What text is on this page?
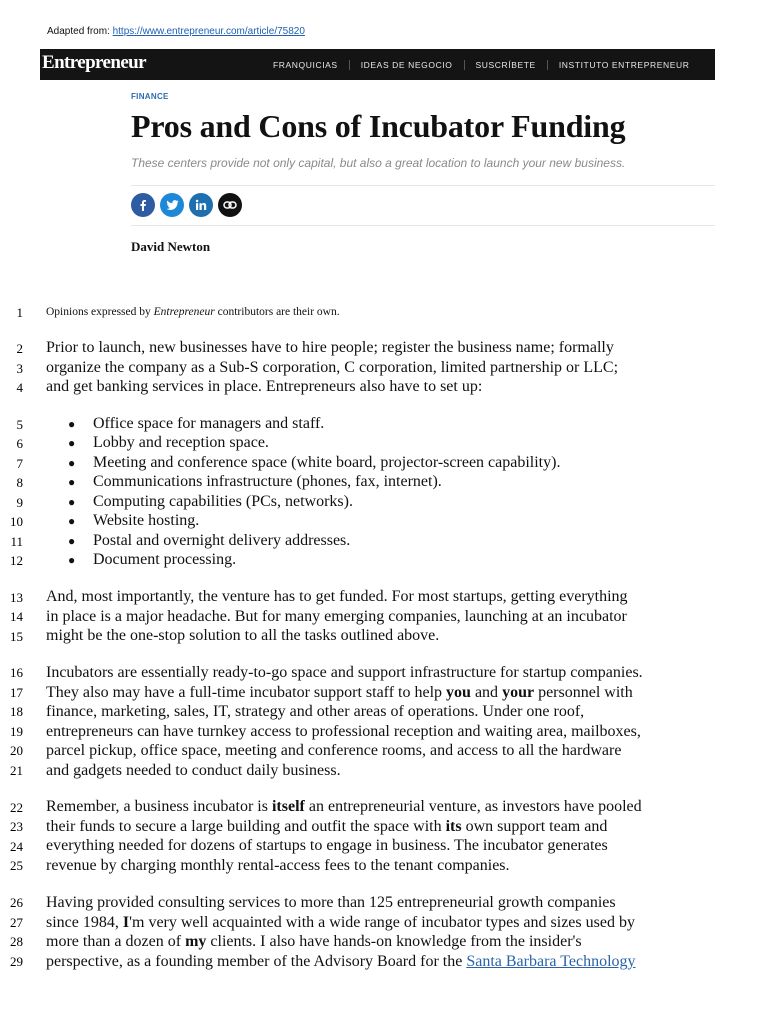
Adapted from: https://www.entrepreneur.com/article/75820
Entrepreneur	FRANQUICIAS	IDEAS DE NEGOCIO	SUSCRÍBETE	INSTITUTO ENTREPRENEUR
FINANCE
Pros and Cons of Incubator Funding
These centers provide not only capital, but also a great location to launch your new business.
David Newton
1
2
3
4
5
6
7
8
9
10
11
12
13
14
15
16
17
18
19
20
21
22
23
24
25
26
27
28
29
Opinions expressed by Entrepreneur contributors are their own.
Prior to launch, new businesses have to hire people; register the business name; formally
organize the company as a Sub-S corporation, C corporation, limited partnership or LLC;
and get banking services in place. Entrepreneurs also have to set up:
● Office space for managers and staff.
● Lobby and reception space.
● Meeting and conference space (white board, projector-screen capability).
● Communications infrastructure (phones, fax, internet).
● Computing capabilities (PCs, networks).
● Website hosting.
● Postal and overnight delivery addresses.
● Document processing.
And, most importantly, the venture has to get funded. For most startups, getting everything
in place is a major headache. But for many emerging companies, launching at an incubator
might be the one-stop solution to all the tasks outlined above.
Incubators are essentially ready-to-go space and support infrastructure for startup companies.
They also may have a full-time incubator support staff to help you and your personnel with
finance, marketing, sales, IT, strategy and other areas of operations. Under one roof,
entrepreneurs can have turnkey access to professional reception and waiting area, mailboxes,
parcel pickup, office space, meeting and conference rooms, and access to all the hardware
and gadgets needed to conduct daily business.
Remember, a business incubator is itself an entrepreneurial venture, as investors have pooled
their funds to secure a large building and outfit the space with its own support team and
everything needed for dozens of startups to engage in business. The incubator generates
revenue by charging monthly rental-access fees to the tenant companies.
Having provided consulting services to more than 125 entrepreneurial growth companies
since 1984, I'm very well acquainted with a wide range of incubator types and sizes used by
more than a dozen of my clients. I also have hands-on knowledge from the insider's
perspective, as a founding member of the Advisory Board for the Santa Barbara Technology
